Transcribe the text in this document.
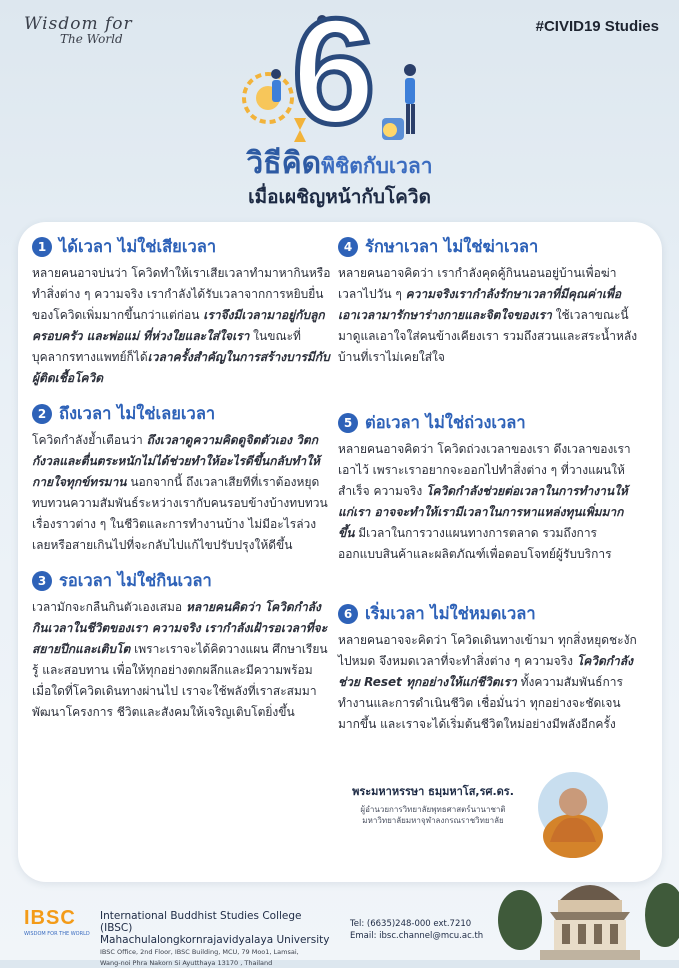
Wisdom for
The World
#CIVID19 Studies
6
วิธีคิดพิชิตกับเวลา
เมื่อเผชิญหน้ากับโควิด
1 ได้เวลา ไม่ใช่เสียเวลา
หลายคนอาจบ่นว่า โควิดทำให้เราเสียเวลาทำมาหากินหรือทำสิ่งต่าง ๆ ความจริง เรากำลังได้รับเวลาจากการหยิบยื่นของโควิดเพิ่มมากขึ้นกว่าแต่ก่อน เราจึงมีเวลามาอยู่กับลูก ครอบครัว และพ่อแม่ ที่ห่วงใยและใส่ใจเรา ในขณะที่บุคลากรทางแพทย์ก็ได้เวลาครั้งสำคัญในการสร้างบารมีกับผู้ติดเชื้อโควิด
2 ถึงเวลา ไม่ใช่เลยเวลา
โควิดกำลังย้ำเตือนว่า ถึงเวลาดูความคิดดูจิตตัวเอง วิตกกังวลและตื่นตระหนักไม่ได้ช่วยทำให้อะไรดีขึ้นกลับทำให้กายใจทุกข์ทรมาน นอกจากนี้ ถึงเวลาเสียทีที่เราต้องหยุดทบทวนความสัมพันธ์ระหว่างเรากับคนรอบข้างบ้างทบทวนเรื่องราวต่าง ๆ ในชีวิตและการทำงานบ้าง ไม่มีอะไรล่วงเลยหรือสายเกินไปที่จะกลับไปแก้ไขปรับปรุงให้ดีขึ้น
3 รอเวลา ไม่ใช่กินเวลา
เวลามักจะกลืนกินตัวเองเสมอ หลายคนคิดว่า โควิดกำลังกินเวลาในชีวิตของเรา ความจริง เรากำลังเฝ้ารอเวลาที่จะสยายปีกและเติบโต เพราะเราจะได้คิดวางแผน ศึกษาเรียนรู้ และสอบทาน เพื่อให้ทุกอย่างตกผลึกและมีความพร้อม เมื่อใดที่โควิดเดินทางผ่านไป เราจะใช้พลังที่เราสะสมมาพัฒนาโครงการ ชีวิตและสังคมให้เจริญเติบโตยิ่งขึ้น
4 รักษาเวลา ไม่ใช่ฆ่าเวลา
หลายคนอาจคิดว่า เรากำลังคุดคู้กินนอนอยู่บ้านเพื่อฆ่าเวลาไปวัน ๆ ความจริงเรากำลังรักษาเวลาที่มีคุณค่าเพื่อเอาเวลามารักษาร่างกายและจิตใจของเรา ใช้เวลาขณะนี้ มาดูแลเอาใจใส่คนข้างเคียงเรา รวมถึงสวนและสระน้ำหลังบ้านที่เราไม่เคยใส่ใจ
5 ต่อเวลา ไม่ใช่ถ่วงเวลา
หลายคนอาจคิดว่า โควิดถ่วงเวลาของเรา ดึงเวลาของเราเอาไว้ เพราะเราอยากจะออกไปทำสิ่งต่าง ๆ ที่วางแผนให้สำเร็จ ความจริง โควิดกำลังช่วยต่อเวลาในการทำงานให้แก่เรา อาจจะทำให้เรามีเวลาในการหาแหล่งทุนเพิ่มมากขึ้น มีเวลาในการวางแผนทางการตลาด รวมถึงการออกแบบสินค้าและผลิตภัณฑ์เพื่อตอบโจทย์ผู้รับบริการ
6 เริ่มเวลา ไม่ใช่หมดเวลา
หลายคนอาจจะคิดว่า โควิดเดินทางเข้ามา ทุกสิ่งหยุดชะงักไปหมด จึงหมดเวลาที่จะทำสิ่งต่าง ๆ ความจริง โควิดกำลังช่วย Reset ทุกอย่างให้แก่ชีวิตเรา ทั้งความสัมพันธ์การทำงานและการดำเนินชีวิต เชื่อมั่นว่า ทุกอย่างจะชัดเจนมากขึ้น และเราจะได้เริ่มต้นชีวิตใหม่อย่างมีพลังอีกครั้ง
พระมหาหรรษา ธมฺมหาโส,รศ.ดร.
ผู้อำนวยการวิทยาลัยพุทธศาสตร์นานาชาติ
มหาวิทยาลัยมหาจุฬาลงกรณราชวิทยาลัย
IBSC
WISDOM FOR THE WORLD
International Buddhist Studies College (IBSC)
Mahachulalongkornrajavidyalaya University
IBSC Office, 2nd Floor, IBSC Building, MCU, 79 Moo1, Lamsai,
Wang-noi Phra Nakorn Si Ayutthaya 13170 , Thailand
Tel: (6635)248-000 ext.7210
Email: ibsc.channel@mcu.ac.th
